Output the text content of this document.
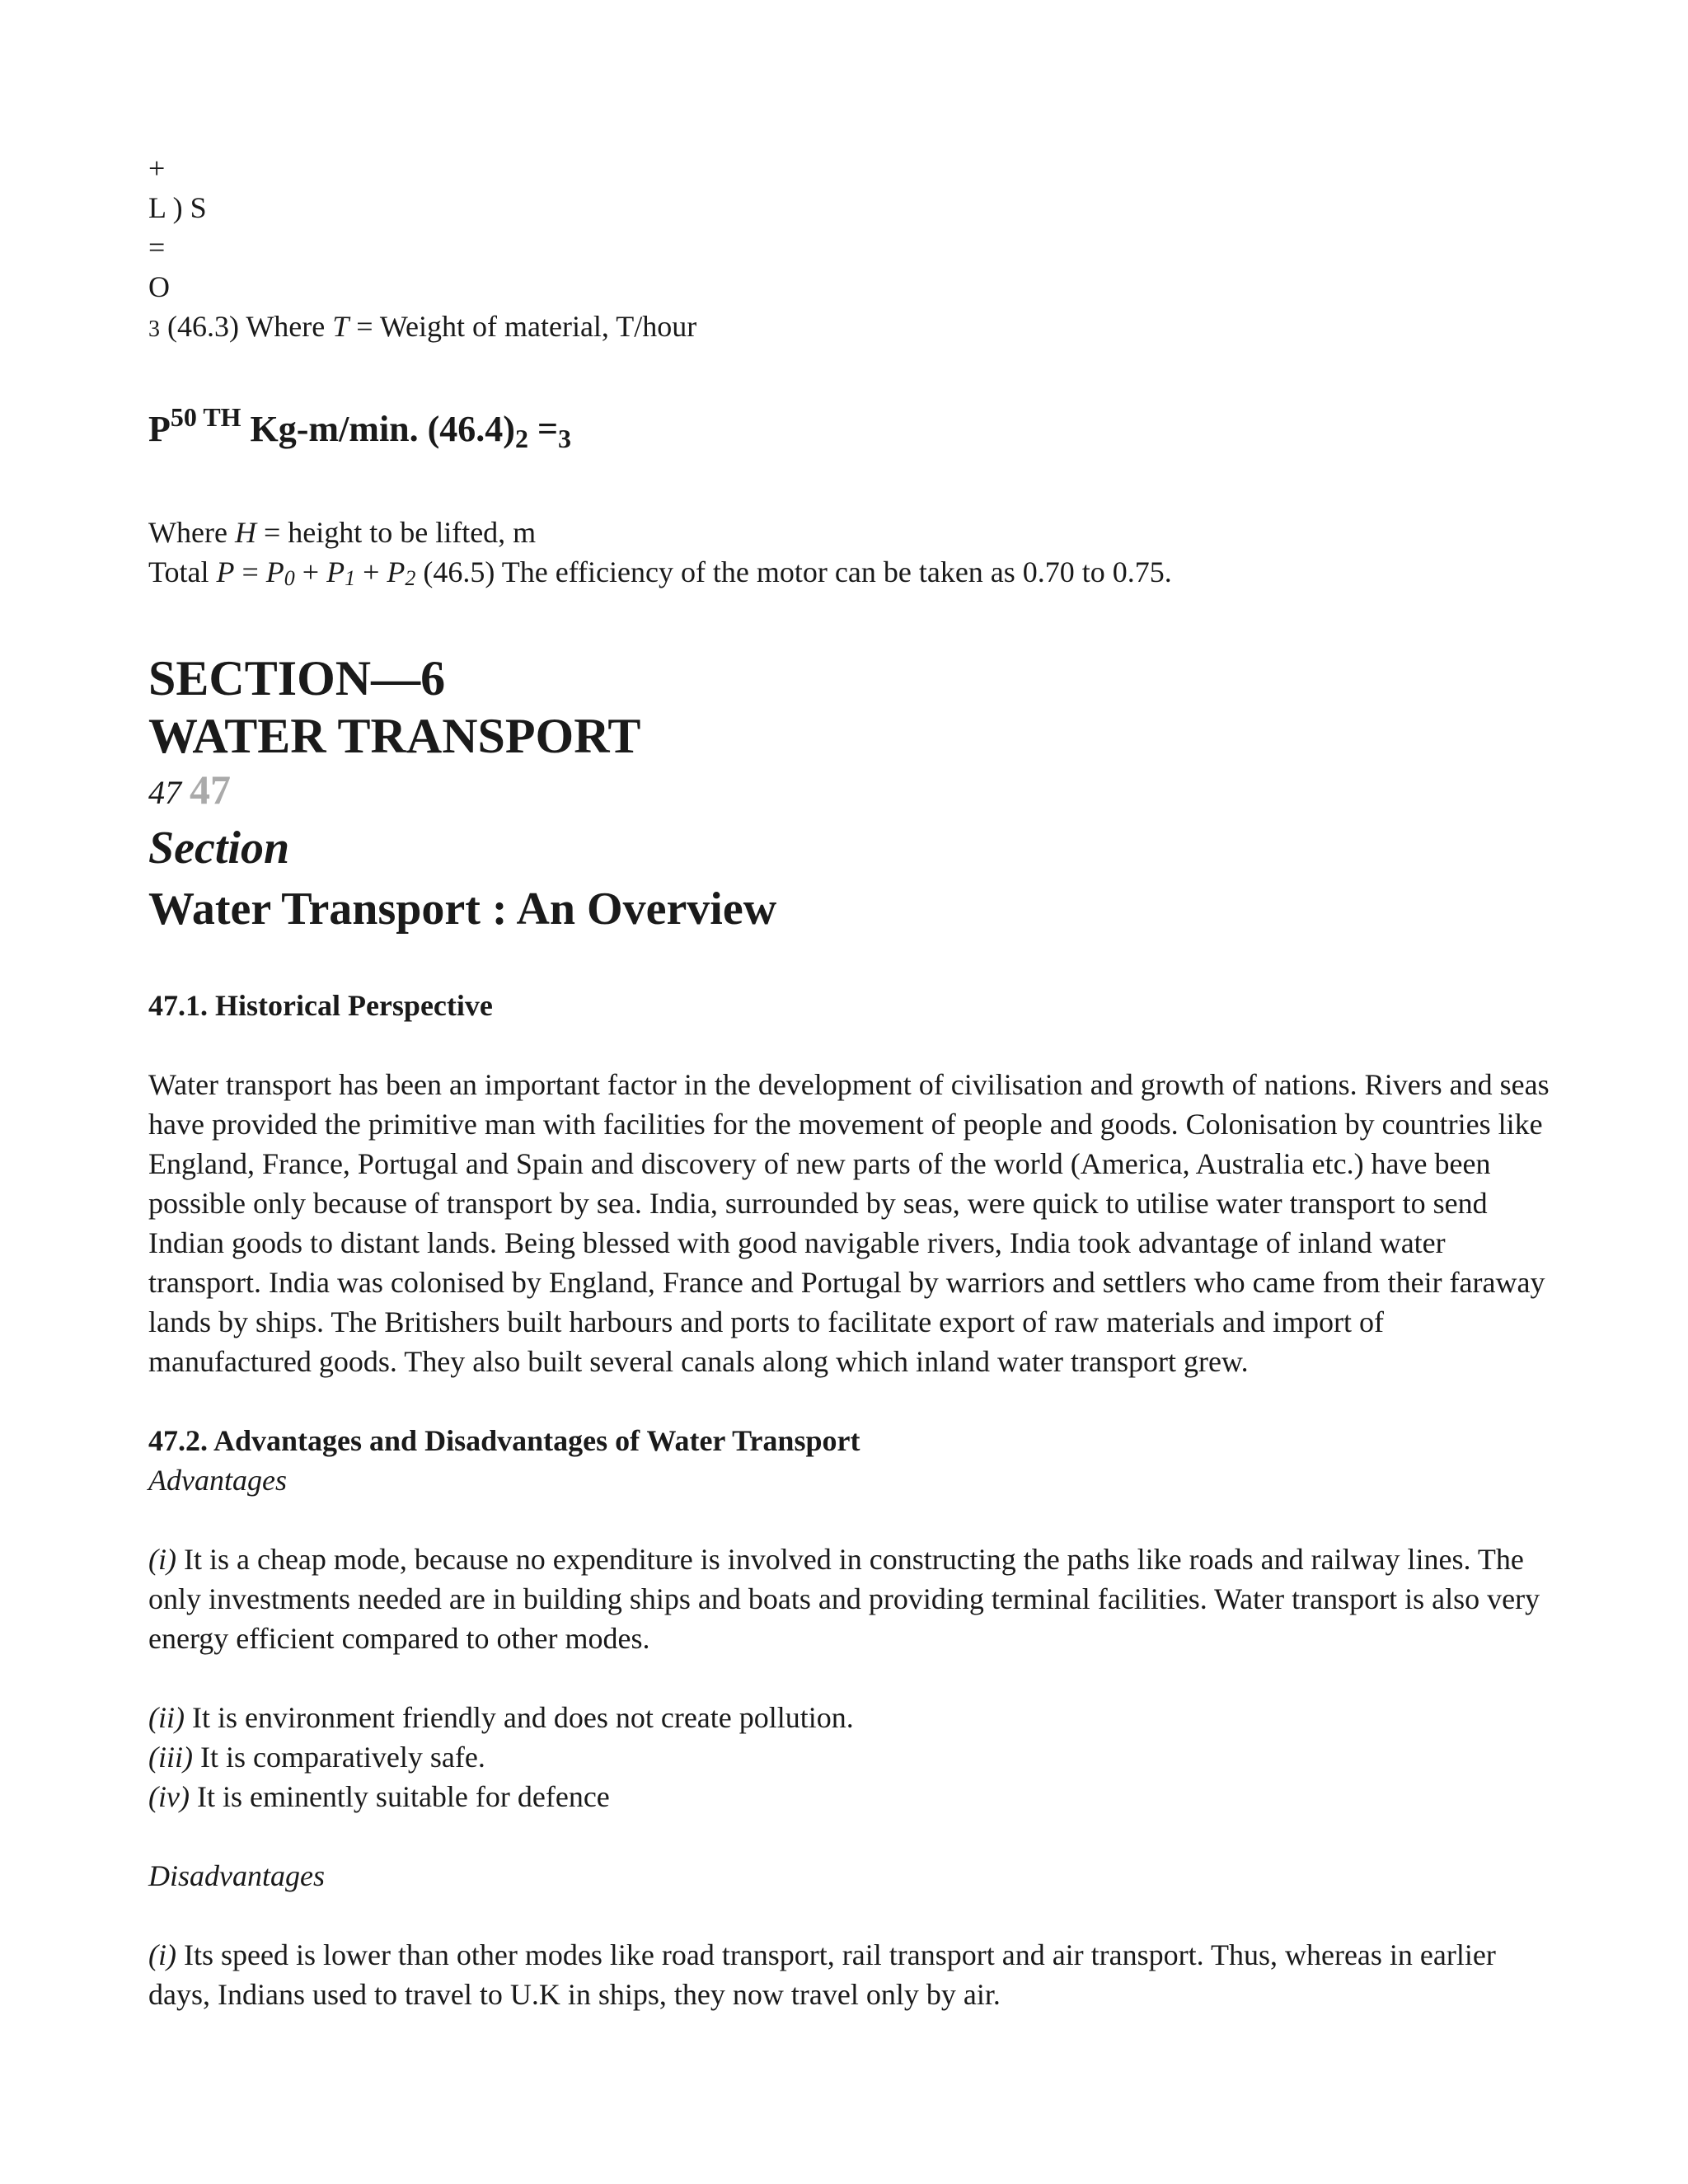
+

L ) S

=

O

3 (46.3) Where T = Weight of material, T/hour

$P^{50 TH}$ Kg-m/min. $(46.4)_2 =_3$

Where H = height to be lifted, m

Total $P = P_0 + P_1 + P_2$ (46.5) The efficiency of the motor can be taken as 0.70 to 0.75.

SECTION—6

WATER TRANSPORT

47 47

Section

Water Transport : An Overview

47.1. Historical Perspective

Water transport has been an important factor in the development of civilisation and growth of nations. Rivers and seas have provided the primitive man with facilities for the movement of people and goods. Colonisation by countries like England, France, Portugal and Spain and discovery of new parts of the world (America, Australia etc.) have been possible only because of transport by sea. India, surrounded by seas, were quick to utilise water transport to send Indian goods to distant lands. Being blessed with good navigable rivers, India took advantage of inland water transport. India was colonised by England, France and Portugal by warriors and settlers who came from their faraway lands by ships. The Britishers built harbours and ports to facilitate export of raw materials and import of manufactured goods. They also built several canals along which inland water transport grew.

47.2. Advantages and Disadvantages of Water Transport

Advantages

(i) It is a cheap mode, because no expenditure is involved in constructing the paths like roads and railway lines. The only investments needed are in building ships and boats and providing terminal facilities. Water transport is also very energy efficient compared to other modes.

(ii) It is environment friendly and does not create pollution.

(iii) It is comparatively safe.

(iv) It is eminently suitable for defence

Disadvantages

(i) Its speed is lower than other modes like road transport, rail transport and air transport. Thus, whereas in earlier days, Indians used to travel to U.K in ships, they now travel only by air.
